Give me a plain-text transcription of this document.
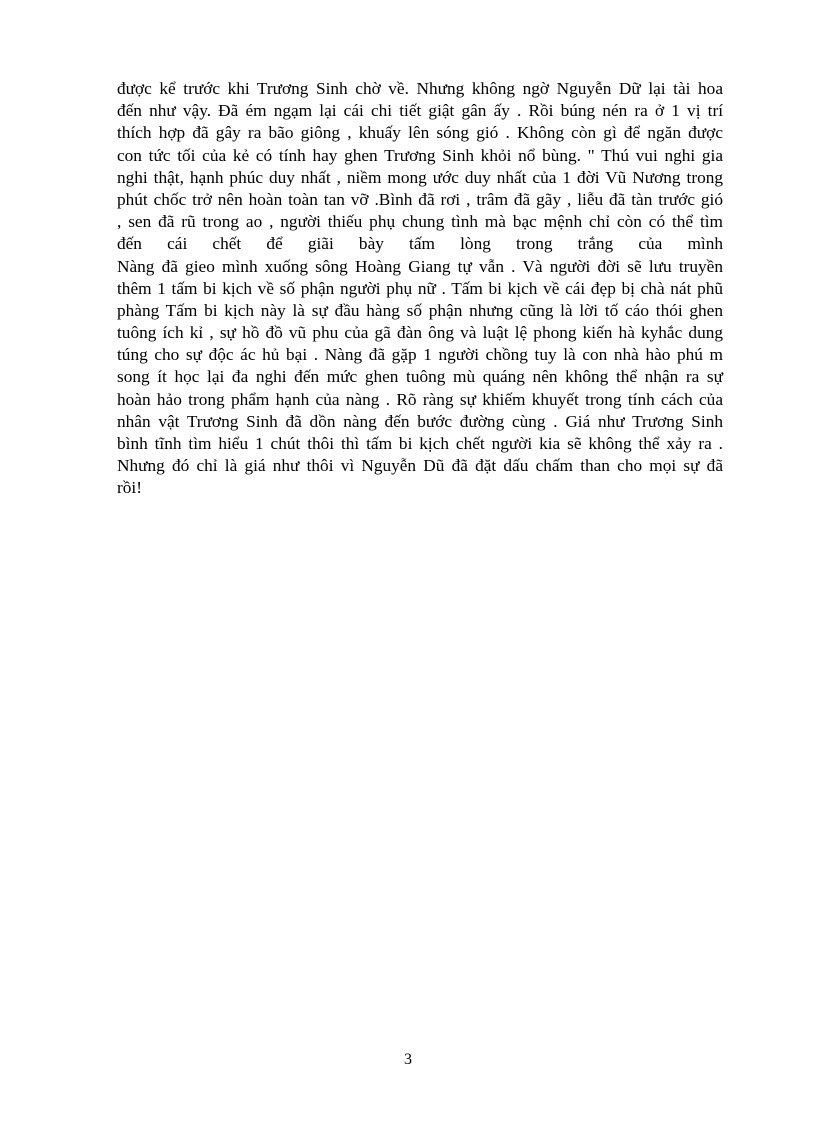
được kể trước khi Trương Sinh chờ về. Nhưng không ngờ Nguyễn Dữ lại tài hoa
đến như vậy. Đã ém ngạm lại cái chi tiết giật gân ấy . Rồi búng nén ra ở 1 vị trí
thích hợp đã gây ra bão giông , khuấy lên sóng gió . Không còn gì để ngăn được
con tức tối của kẻ có tính hay ghen Trương Sinh khỏi nổ bùng. " Thú vui nghi gia
nghi thật, hạnh phúc duy nhất , niềm mong ước duy nhất của 1 đời Vũ Nương trong
phút chốc trở nên hoàn toàn tan vỡ .Bình đã rơi , trâm đã gãy , liễu đã tàn trước gió
, sen đã rũ trong ao , người thiếu phụ chung tình mà bạc mệnh chỉ còn có thể tìm
đến cái chết để giãi bày tấm lòng trong trắng của mình
Nàng đã gieo mình xuống sông Hoàng Giang tự vẫn . Và người đời sẽ lưu truyền
thêm 1 tấm bi kịch về số phận người phụ nữ . Tấm bi kịch về cái đẹp bị chà nát phũ
phàng Tấm bi kịch này là sự đầu hàng số phận nhưng cũng là lời tố cáo thói ghen
tuông ích kỉ , sự hồ đồ vũ phu của gã đàn ông và luật lệ phong kiến hà kyhắc dung
túng cho sự độc ác hủ bại . Nàng đã gặp 1 người chồng tuy là con nhà hào phú m
song ít học lại đa nghi đến mức ghen tuông mù quáng nên không thể nhận ra sự
hoàn hảo trong phẩm hạnh của nàng . Rõ ràng sự khiếm khuyết trong tính cách của
nhân vật Trương Sinh đã dồn nàng đến bước đường cùng . Giá như Trương Sinh
bình tĩnh tìm hiểu 1 chút thôi thì tấm bi kịch chết người kia sẽ không thể xảy ra .
Nhưng đó chỉ là giá như thôi vì Nguyễn Dũ đã đặt dấu chấm than cho mọi sự đã
rồi!
3
